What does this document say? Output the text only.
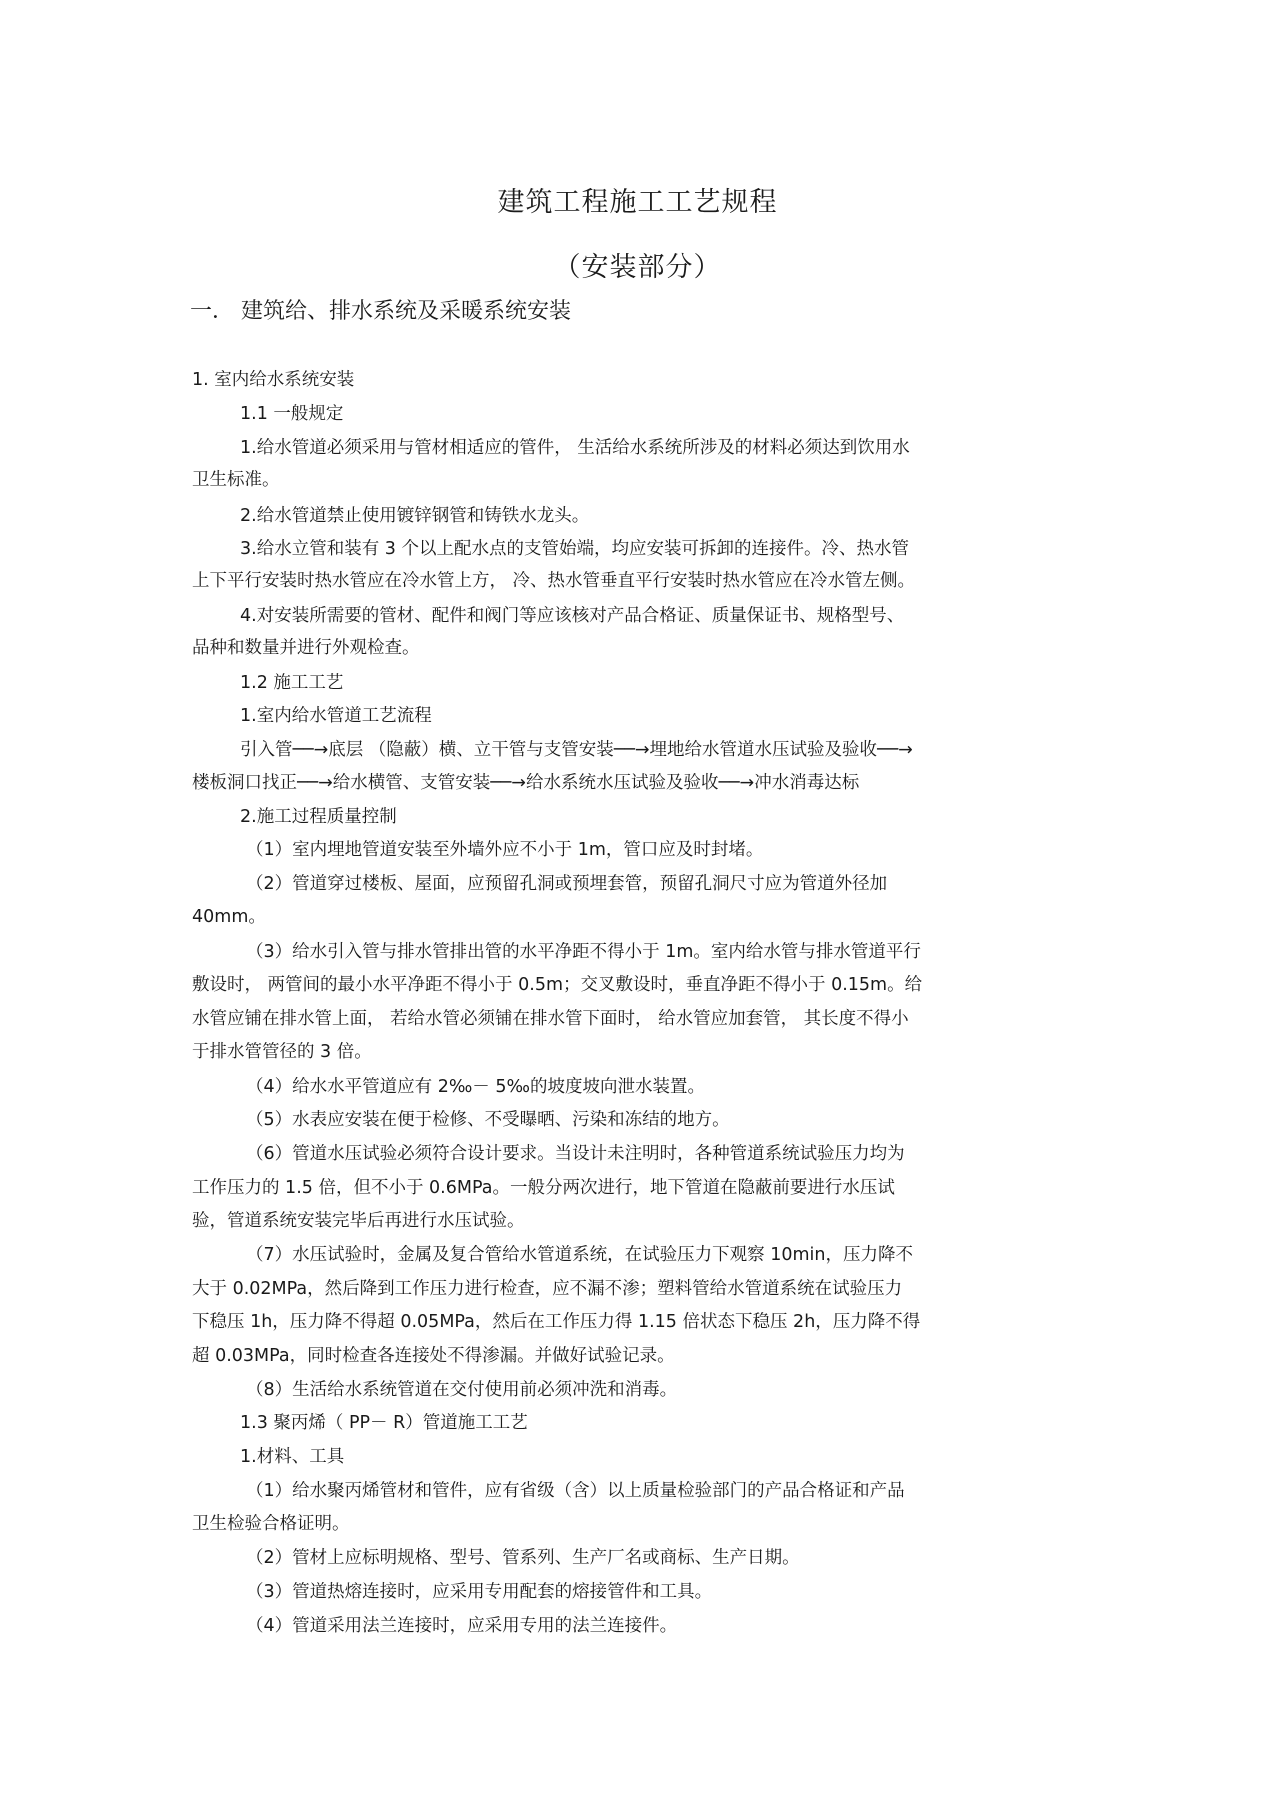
建筑工程施工工艺规程
（安装部分）
一． 建筑给、排水系统及采暖系统安装
1. 室内给水系统安装
1.1 一般规定
1.给水管道必须采用与管材相适应的管件， 生活给水系统所涉及的材料必须达到饮用水
卫生标准。
2.给水管道禁止使用镀锌钢管和铸铁水龙头。
3.给水立管和装有 3 个以上配水点的支管始端，均应安装可拆卸的连接件。冷、热水管
上下平行安装时热水管应在冷水管上方， 冷、热水管垂直平行安装时热水管应在冷水管左侧。
4.对安装所需要的管材、配件和阀门等应该核对产品合格证、质量保证书、规格型号、
品种和数量并进行外观检查。
1.2 施工工艺
1.室内给水管道工艺流程
引入管──→底层 （隐蔽）横、立干管与支管安装──→埋地给水管道水压试验及验收──→
楼板洞口找正──→给水横管、支管安装──→给水系统水压试验及验收──→冲水消毒达标
2.施工过程质量控制
（1）室内埋地管道安装至外墙外应不小于 1m，管口应及时封堵。
（2）管道穿过楼板、屋面，应预留孔洞或预埋套管，预留孔洞尺寸应为管道外径加
40mm。
（3）给水引入管与排水管排出管的水平净距不得小于 1m。室内给水管与排水管道平行
敷设时， 两管间的最小水平净距不得小于 0.5m；交叉敷设时，垂直净距不得小于 0.15m。给
水管应铺在排水管上面， 若给水管必须铺在排水管下面时， 给水管应加套管， 其长度不得小
于排水管管径的 3 倍。
（4）给水水平管道应有 2‰－ 5‰的坡度坡向泄水装置。
（5）水表应安装在便于检修、不受曝晒、污染和冻结的地方。
（6）管道水压试验必须符合设计要求。当设计未注明时，各种管道系统试验压力均为
工作压力的 1.5 倍，但不小于 0.6MPa。一般分两次进行，地下管道在隐蔽前要进行水压试
验，管道系统安装完毕后再进行水压试验。
（7）水压试验时，金属及复合管给水管道系统，在试验压力下观察 10min，压力降不
大于 0.02MPa，然后降到工作压力进行检查，应不漏不渗；塑料管给水管道系统在试验压力
下稳压 1h，压力降不得超 0.05MPa，然后在工作压力得 1.15 倍状态下稳压 2h，压力降不得
超 0.03MPa，同时检查各连接处不得渗漏。并做好试验记录。
（8）生活给水系统管道在交付使用前必须冲洗和消毒。
1.3 聚丙烯（ PP－ R）管道施工工艺
1.材料、工具
（1）给水聚丙烯管材和管件，应有省级（含）以上质量检验部门的产品合格证和产品
卫生检验合格证明。
（2）管材上应标明规格、型号、管系列、生产厂名或商标、生产日期。
（3）管道热熔连接时，应采用专用配套的熔接管件和工具。
（4）管道采用法兰连接时，应采用专用的法兰连接件。
